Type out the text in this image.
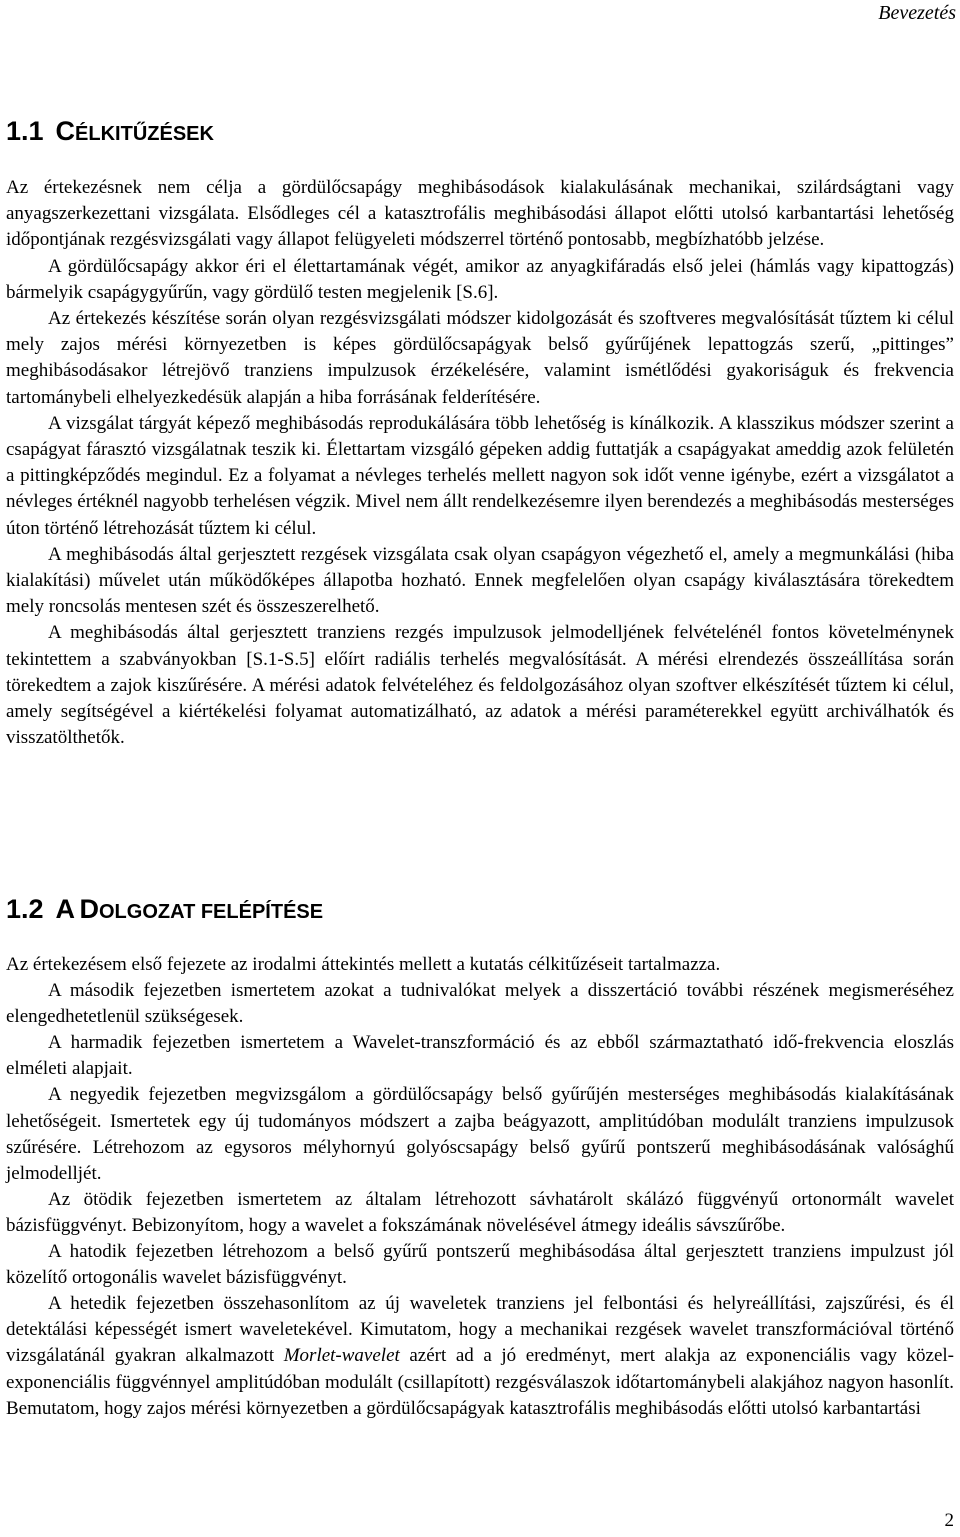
Bevezetés
1.1 CÉLKITŰZÉSEK

Az értekezésnek nem célja a gördülőcsapágy meghibásodások kialakulásának mechanikai, szilárdságtani vagy anyagszerkezettani vizsgálata. Elsődleges cél a katasztrofális meghibásodási állapot előtti utolsó karbantartási lehetőség időpontjának rezgésvizsgálati vagy állapot felügyeleti módszerrel történő pontosabb, megbízhatóbb jelzése.

A gördülőcsapágy akkor éri el élettartamának végét, amikor az anyagkifáradás első jelei (hámlás vagy kipattogzás) bármelyik csapágygyűrűn, vagy gördülő testen megjelenik [S.6].

Az értekezés készítése során olyan rezgésvizsgálati módszer kidolgozását és szoftveres megvalósítását tűztem ki célul mely zajos mérési környezetben is képes gördülőcsapágyak belső gyűrűjének lepattogzás szerű, „pittinges” meghibásodásakor létrejövő tranziens impulzusok érzékelésére, valamint ismétlődési gyakoriságuk és frekvencia tartománybeli elhelyezkedésük alapján a hiba forrásának felderítésére.

A vizsgálat tárgyát képező meghibásodás reprodukálására több lehetőség is kínálkozik. A klasszikus módszer szerint a csapágyat fárasztó vizsgálatnak teszik ki. Élettartam vizsgáló gépeken addig futtatják a csapágyakat ameddig azok felületén a pittingképződés megindul. Ez a folyamat a névleges terhelés mellett nagyon sok időt venne igénybe, ezért a vizsgálatot a névleges értéknél nagyobb terhelésen végzik. Mivel nem állt rendelkezésemre ilyen berendezés a meghibásodás mesterséges úton történő létrehozását tűztem ki célul.

A meghibásodás által gerjesztett rezgések vizsgálata csak olyan csapágyon végezhető el, amely a megmunkálási (hiba kialakítási) művelet után működőképes állapotba hozható. Ennek megfelelően olyan csapágy kiválasztására törekedtem mely roncsolás mentesen szét és összeszerelhető.

A meghibásodás által gerjesztett tranziens rezgés impulzusok jelmodelljének felvételénél fontos követelménynek tekintettem a szabványokban [S.1-S.5] előírt radiális terhelés megvalósítását. A mérési elrendezés összeállítása során törekedtem a zajok kiszűrésére. A mérési adatok felvételéhez és feldolgozásához olyan szoftver elkészítését tűztem ki célul, amely segítségével a kiértékelési folyamat automatizálható, az adatok a mérési paraméterekkel együtt archiválhatók és visszatölthetők.

1.2 A DOLGOZAT FELÉPÍTÉSE

Az értekezésem első fejezete az irodalmi áttekintés mellett a kutatás célkitűzéseit tartalmazza.

A második fejezetben ismertetem azokat a tudnivalókat melyek a disszertáció további részének megismeréséhez elengedhetetlenül szükségesek.

A harmadik fejezetben ismertetem a Wavelet-transzformáció és az ebből származtatható idő-frekvencia eloszlás elméleti alapjait.

A negyedik fejezetben megvizsgálom a gördülőcsapágy belső gyűrűjén mesterséges meghibásodás kialakításának lehetőségeit. Ismertetek egy új tudományos módszert a zajba beágyazott, amplitúdóban modulált tranziens impulzusok szűrésére. Létrehozom az egysoros mélyhornyú golyóscsapágy belső gyűrű pontszerű meghibásodásának valósághű jelmodelljét.

Az ötödik fejezetben ismertetem az általam létrehozott sávhatárolt skálázó függvényű ortonormált wavelet bázisfüggvényt. Bebizonyítom, hogy a wavelet a fokszámának növelésével átmegy ideális sávszűrőbe.

A hatodik fejezetben létrehozom a belső gyűrű pontszerű meghibásodása által gerjesztett tranziens impulzust jól közelítő ortogonális wavelet bázisfüggvényt.

A hetedik fejezetben összehasonlítom az új waveletek tranziens jel felbontási és helyreállítási, zajszűrési, és él detektálási képességét ismert waveletekével. Kimutatom, hogy a mechanikai rezgések wavelet transzformációval történő vizsgálatánál gyakran alkalmazott Morlet-wavelet azért ad a jó eredményt, mert alakja az exponenciális vagy közel-exponenciális függvénnyel amplitúdóban modulált (csillapított) rezgésválaszok időtartománybeli alakjához nagyon hasonlít. Bemutatom, hogy zajos mérési környezetben a gördülőcsapágyak katasztrofális meghibásodás előtti utolsó karbantartási

2
